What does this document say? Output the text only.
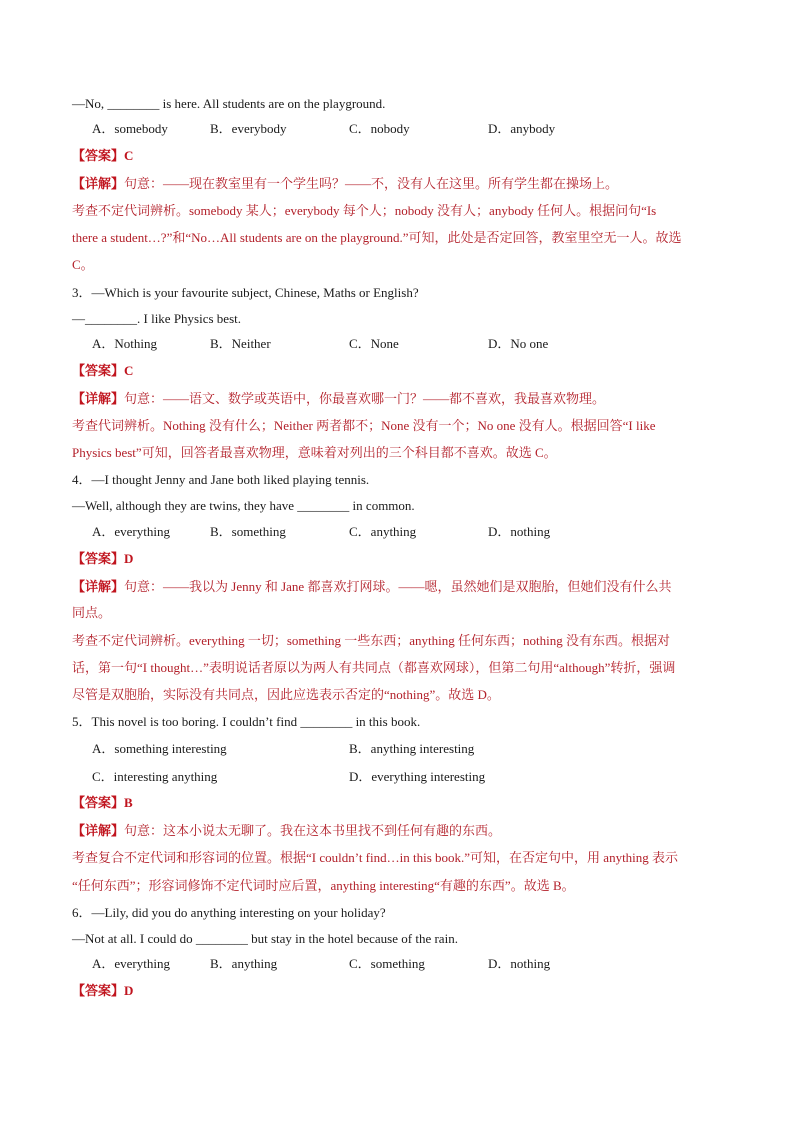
—No, ________ is here. All students are on the playground.
A．somebody	B．everybody	C．nobody	D．anybody
【答案】C
【详解】句意：——现在教室里有一个学生吗？——不，没有人在这里。所有学生都在操场上。
考查不定代词辨析。somebody 某人；everybody 每个人；nobody 没有人；anybody 任何人。根据问句“Is
there a student…?”和“No…All students are on the playground.”可知，此处是否定回答，教室里空无一人。故选
C。
3．—Which is your favourite subject, Chinese, Maths or English?
—________. I like Physics best.
A．Nothing	B．Neither	C．None	D．No one
【答案】C
【详解】句意：——语文、数学或英语中，你最喜欢哪一门？——都不喜欢，我最喜欢物理。
考查代词辨析。Nothing 没有什么；Neither 两者都不；None 没有一个；No one 没有人。根据回答“I like
Physics best”可知，回答者最喜欢物理，意味着对列出的三个科目都不喜欢。故选 C。
4．—I thought Jenny and Jane both liked playing tennis.
—Well, although they are twins, they have ________ in common.
A．everything	B．something	C．anything	D．nothing
【答案】D
【详解】句意：——我以为 Jenny 和 Jane 都喜欢打网球。——嗯，虽然她们是双胞胎，但她们没有什么共
同点。
考查不定代词辨析。everything 一切；something 一些东西；anything 任何东西；nothing 没有东西。根据对
话，第一句“I thought…”表明说话者原以为两人有共同点（都喜欢网球），但第二句用“although”转折，强调
尽管是双胞胎，实际没有共同点，因此应选表示否定的“nothing”。故选 D。
5．This novel is too boring. I couldn’t find ________ in this book.
A．something interesting	B．anything interesting
C．interesting anything	D．everything interesting
【答案】B
【详解】句意：这本小说太无聊了。我在这本书里找不到任何有趣的东西。
考查复合不定代词和形容词的位置。根据“I couldn’t find…in this book.”可知，在否定句中，用 anything 表示
“任何东西”；形容词修饰不定代词时应后置，anything interesting“有趣的东西”。故选 B。
6．—Lily, did you do anything interesting on your holiday?
—Not at all. I could do ________ but stay in the hotel because of the rain.
A．everything	B．anything	C．something	D．nothing
【答案】D
